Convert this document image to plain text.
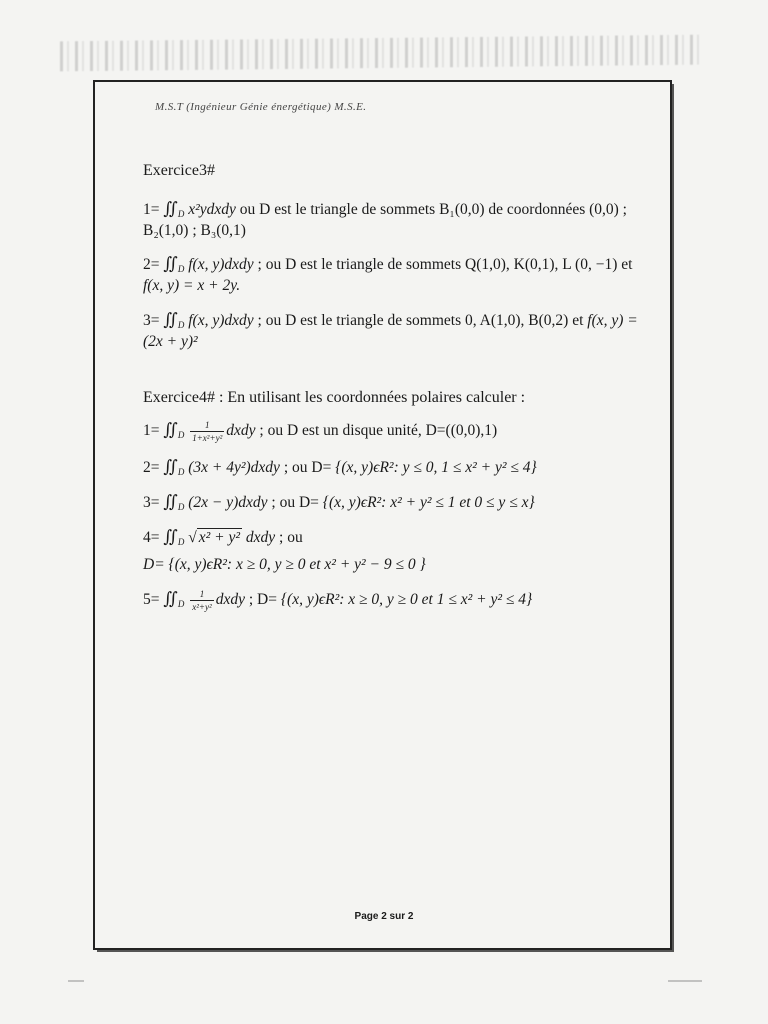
M.S.T (Ingénieur Génie énergétique) M.S.E.

Exercice3#

$1= ∬_D$ x²ydxdy ou D est le triangle de sommets B₁(0,0) de coordonnées (0,0) ; B₂(1,0) ; B₃(0,1)

$2= ∬_D$ f(x, y)dxdy ; ou D est le triangle de sommets Q(1,0), K(0,1), L (0, −1) et f(x, y) = x + 2y.

$3= ∬_D$ f(x, y)dxdy ; ou D est le triangle de sommets 0, A(1,0), B(0,2) et f(x, y) = (2x + y)²

Exercice4# : En utilisant les coordonnées polaires calculer :

$1= ∬_D \frac{1}{\text{1+x²+y²}}$ dxdy ; ou D est un disque unité, D=((0,0),1)

$2= ∬_D$ (3x + 4y²)dxdy ; ou D= {(x, y)ϵR²: y ≤ 0, 1 ≤ x² + y² ≤ 4}

$3= ∬_D$ (2x − y)dxdy ; ou D= {(x, y)ϵR²: x² + y² ≤ 1 et 0 ≤ y ≤ x}

$4= ∬_D$ √ x² + y² dxdy ; ou

D= {(x, y)ϵR²: x ≥ 0, y ≥ 0 et x² + y² − 9 ≤ 0 }

$5= ∬_D \frac{1}{\text{x²+y²}}$ dxdy ; D= {(x, y)ϵR²: x ≥ 0, y ≥ 0 et 1 ≤ x² + y² ≤ 4}

Page 2 sur 2
